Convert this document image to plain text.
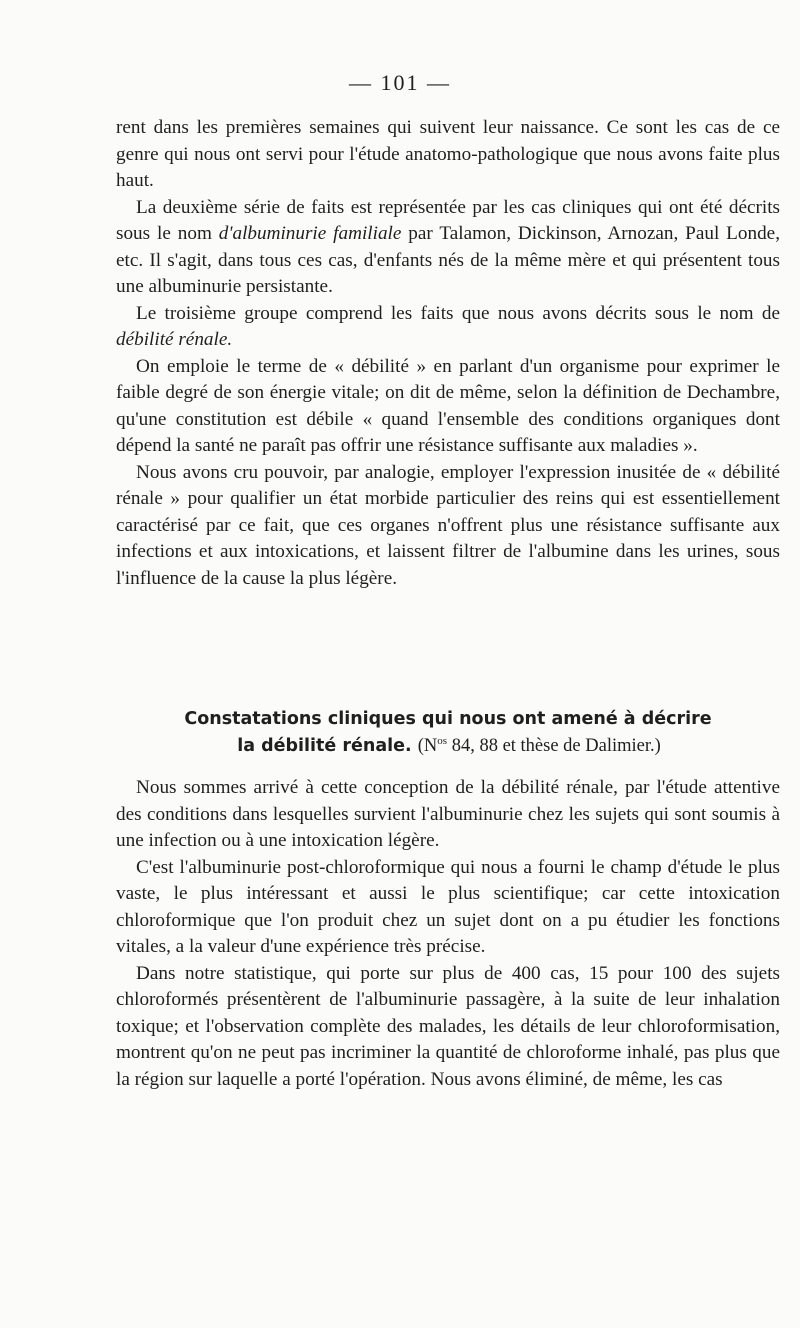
— 101 —

rent dans les premières semaines qui suivent leur naissance. Ce sont les cas de ce genre qui nous ont servi pour l'étude anatomo-pathologique que nous avons faite plus haut.

La deuxième série de faits est représentée par les cas cliniques qui ont été décrits sous le nom d'albuminurie familiale par Talamon, Dickinson, Arnozan, Paul Londe, etc. Il s'agit, dans tous ces cas, d'enfants nés de la même mère et qui présentent tous une albuminurie persistante.

Le troisième groupe comprend les faits que nous avons décrits sous le nom de débilité rénale.

On emploie le terme de « débilité » en parlant d'un organisme pour exprimer le faible degré de son énergie vitale; on dit de même, selon la définition de Dechambre, qu'une constitution est débile « quand l'ensemble des conditions organiques dont dépend la santé ne paraît pas offrir une résistance suffisante aux maladies ».

Nous avons cru pouvoir, par analogie, employer l'expression inusitée de « débilité rénale » pour qualifier un état morbide particulier des reins qui est essentiellement caractérisé par ce fait, que ces organes n'offrent plus une résistance suffisante aux infections et aux intoxications, et laissent filtrer de l'albumine dans les urines, sous l'influence de la cause la plus légère.

Constatations cliniques qui nous ont amené à décrire
la débilité rénale. ($N^{os}$ 84, 88 et thèse de Dalimier.)

Nous sommes arrivé à cette conception de la débilité rénale, par l'étude attentive des conditions dans lesquelles survient l'albuminurie chez les sujets qui sont soumis à une infection ou à une intoxication légère.

C'est l'albuminurie post-chloroformique qui nous a fourni le champ d'étude le plus vaste, le plus intéressant et aussi le plus scientifique; car cette intoxication chloroformique que l'on produit chez un sujet dont on a pu étudier les fonctions vitales, a la valeur d'une expérience très précise.

Dans notre statistique, qui porte sur plus de 400 cas, 15 pour 100 des sujets chloroformés présentèrent de l'albuminurie passagère, à la suite de leur inhalation toxique; et l'observation complète des malades, les détails de leur chloroformisation, montrent qu'on ne peut pas incriminer la quantité de chloroforme inhalé, pas plus que la région sur laquelle a porté l'opération. Nous avons éliminé, de même, les cas
